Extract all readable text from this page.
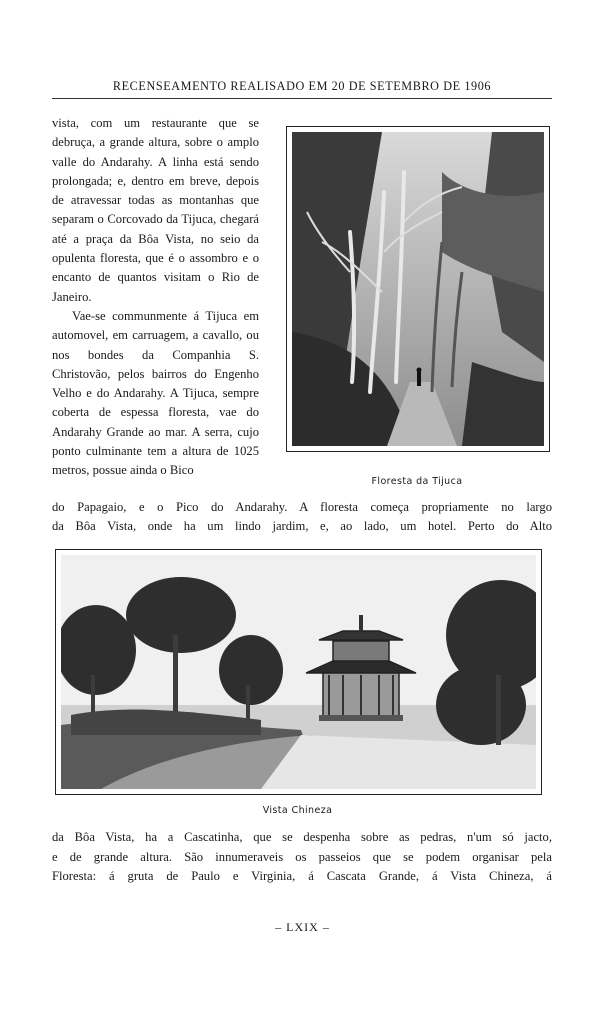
RECENSEAMENTO REALISADO EM 20 DE SETEMBRO DE 1906

vista, com um restaurante que se debruça, a grande altura, sobre o amplo valle do Andarahy. A linha está sendo prolongada; e, dentro em breve, depois de atravessar todas as montanhas que separam o Corcovado da Tijuca, chegará até a praça da Bôa Vista, no seio da opulenta floresta, que é o assombro e o encanto de quantos visitam o Rio de Janeiro.

Vae-se communmente á Tijuca em automovel, em carruagem, a cavallo, ou nos bondes da Companhia S. Christovão, pelos bairros do Engenho Velho e do Andarahy. A Tijuca, sempre coberta de espessa floresta, vae do Andarahy Grande ao mar. A serra, cujo ponto culminante tem a altura de 1025 metros, possue ainda o Bico

Floresta da Tijuca
do Papagaio, e o Pico do Andarahy. A floresta começa propriamente no largo
da Bôa Vista, onde ha um lindo jardim, e, ao lado, um hotel. Perto do Alto
Vista Chineza
da Bôa Vista, ha a Cascatinha, que se despenha sobre as pedras, n'um só jacto,
e de grande altura. São innumeraveis os passeios que se podem organisar pela
Floresta: á gruta de Paulo e Virginia, á Cascata Grande, á Vista Chineza, á
– LXIX –
